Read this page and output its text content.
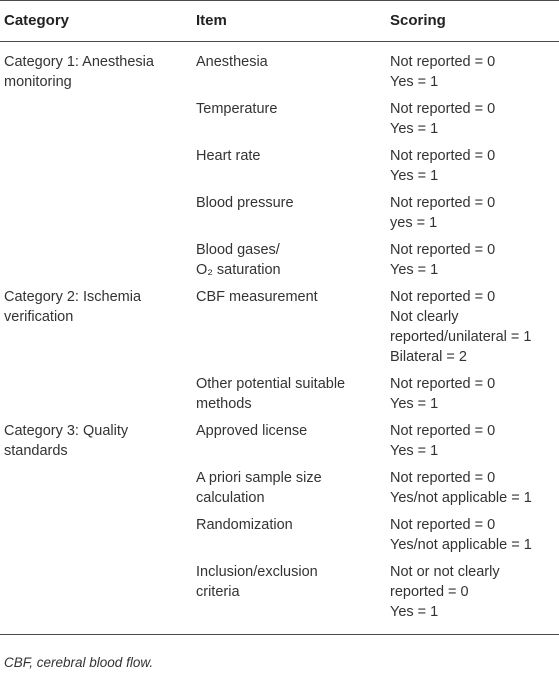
Category	Item	Scoring

Category 1: Anesthesia monitoring	Anesthesia	Not reported = 0
Yes = 1

	Temperature	Not reported = 0
Yes = 1

	Heart rate	Not reported = 0
Yes = 1

	Blood pressure	Not reported = 0
yes = 1

	Blood gases/
O₂ saturation	Not reported = 0
Yes = 1

Category 2: Ischemia verification	CBF measurement	Not reported = 0
Not clearly
reported/unilateral = 1
Bilateral = 2

	Other potential suitable
methods	Not reported = 0
Yes = 1

Category 3: Quality standards	Approved license	Not reported = 0
Yes = 1

	A priori sample size
calculation	Not reported = 0
Yes/not applicable = 1

	Randomization	Not reported = 0
Yes/not applicable = 1

	Inclusion/exclusion
criteria	Not or not clearly
reported = 0
Yes = 1
CBF, cerebral blood flow.
